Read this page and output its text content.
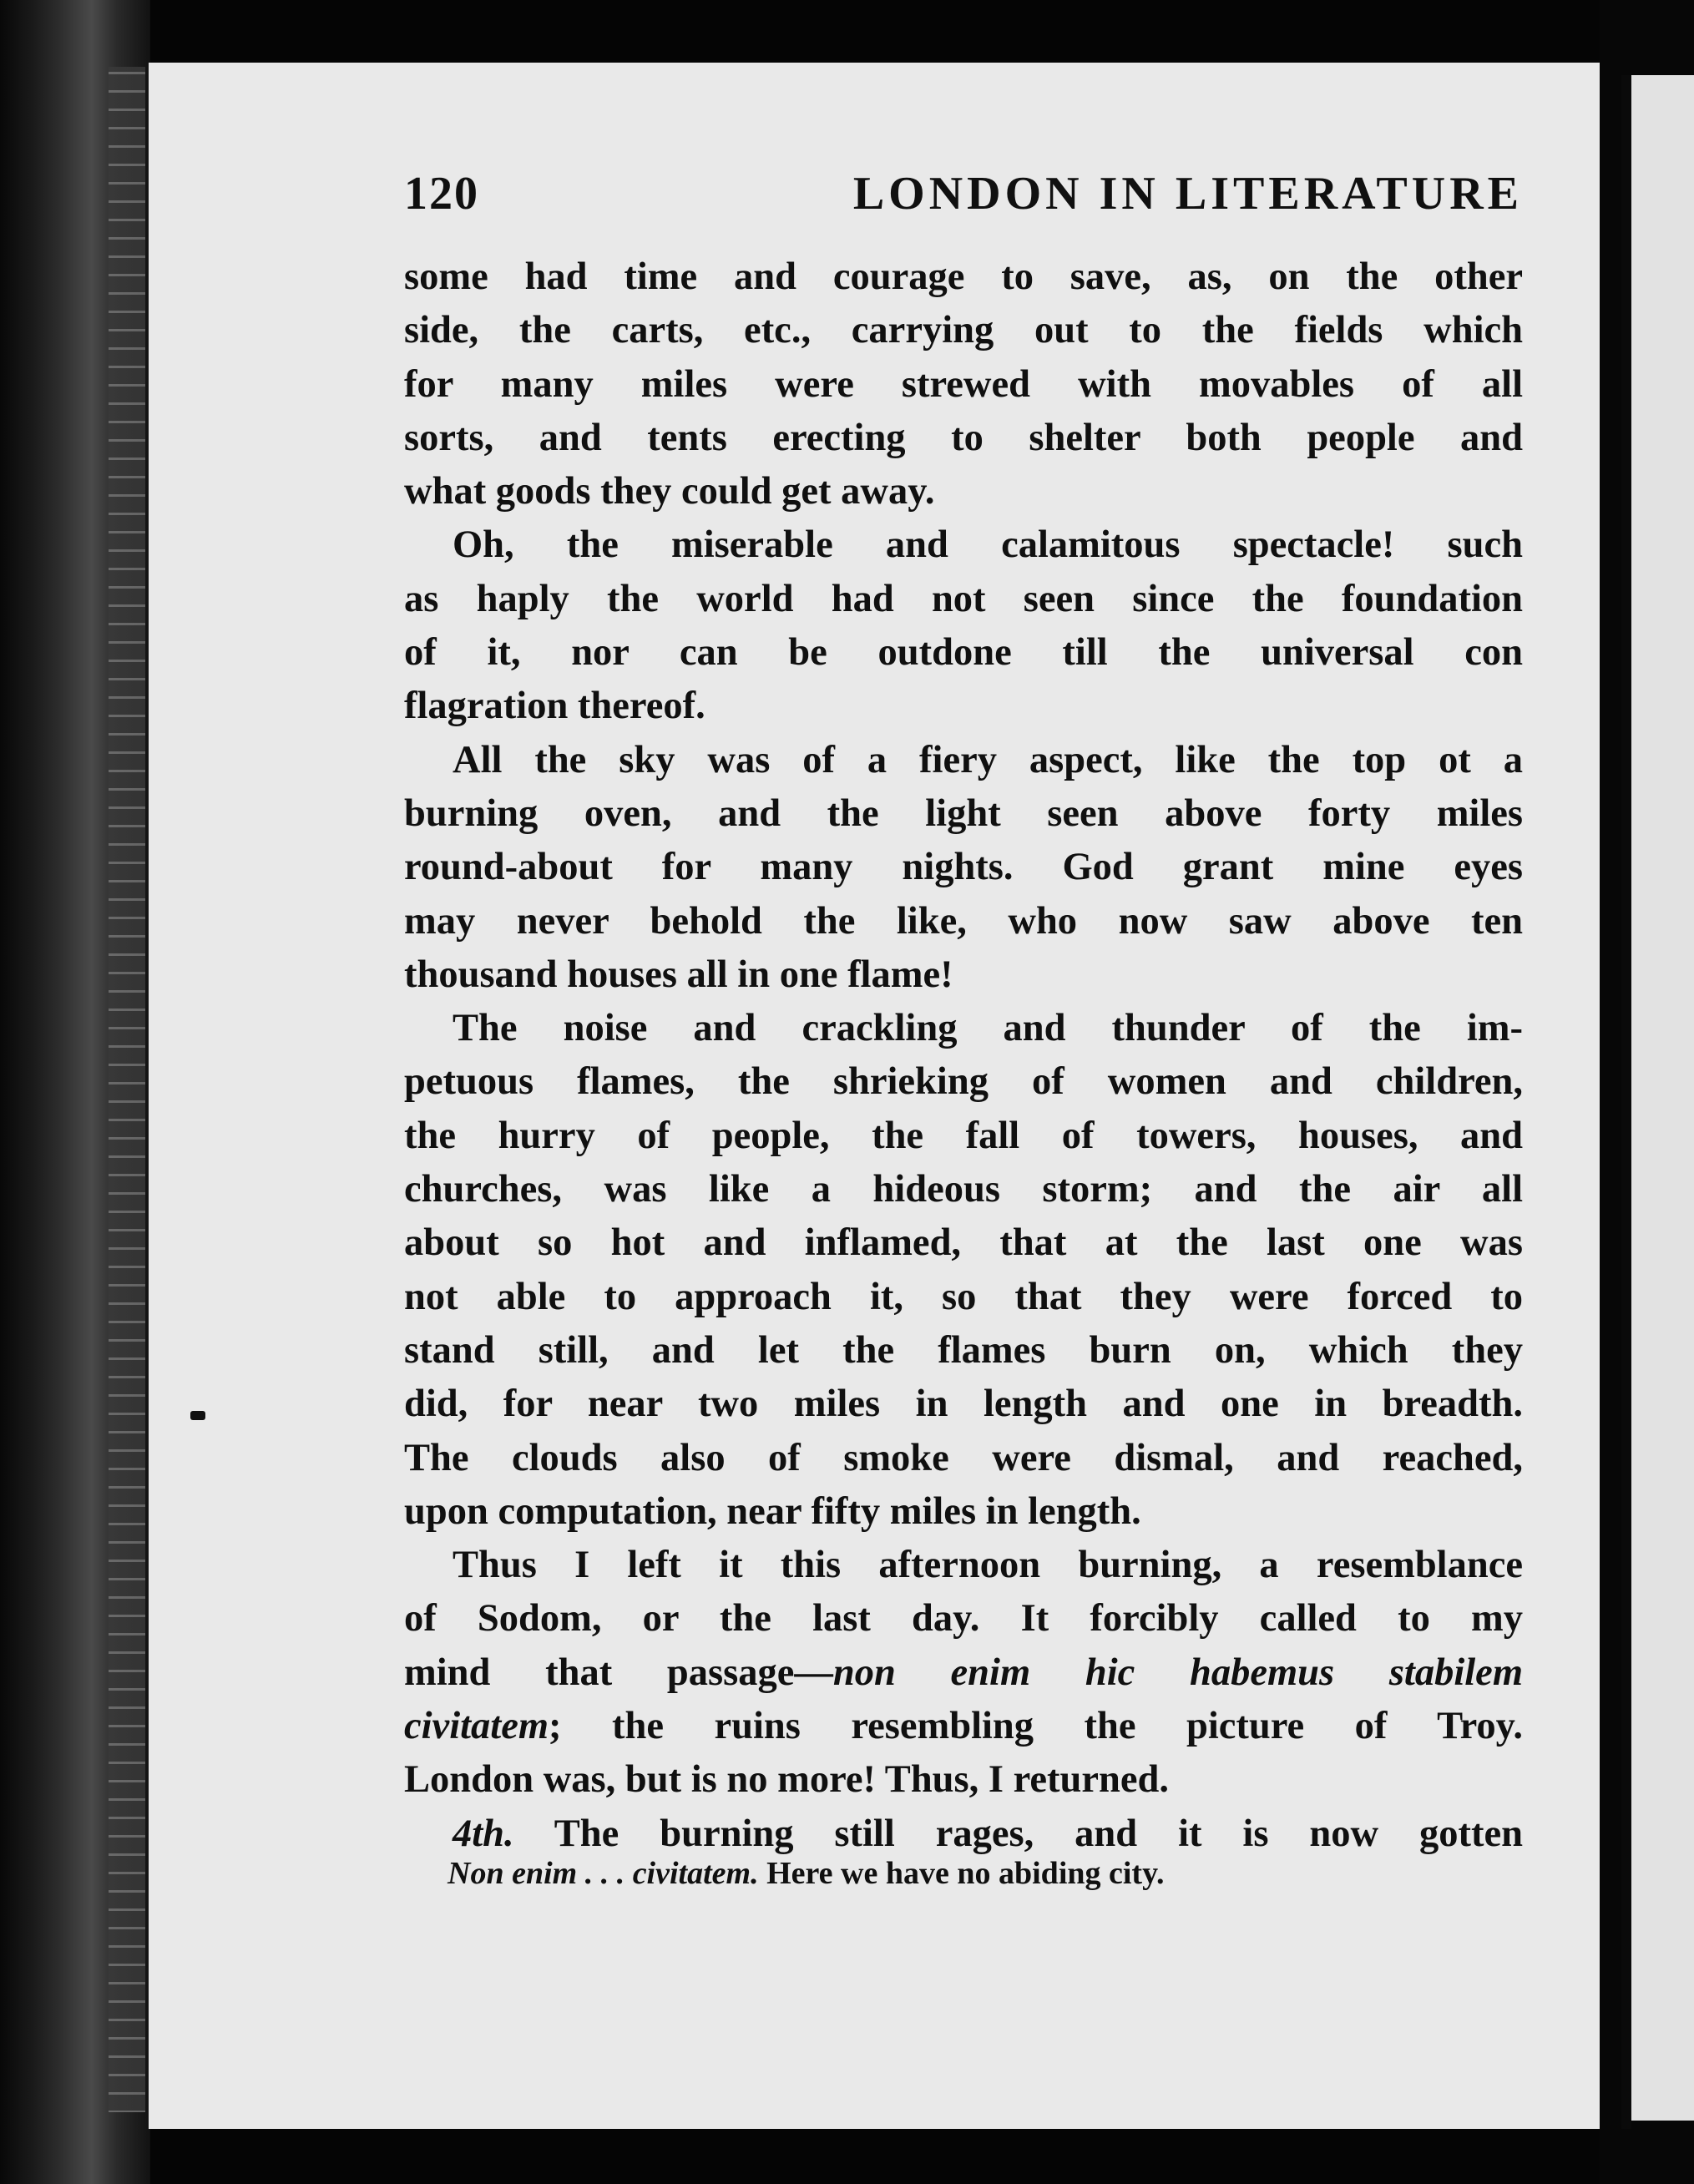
120	LONDON IN LITERATURE
some had time and courage to save, as, on the other
side, the carts, etc., carrying out to the fields which
for many miles were strewed with movables of all
sorts, and tents erecting to shelter both people and
what goods they could get away.
Oh, the miserable and calamitous spectacle! such
as haply the world had not seen since the foundation
of it, nor can be outdone till the universal con
flagration thereof.
All the sky was of a fiery aspect, like the top ot a
burning oven, and the light seen above forty miles
round-about for many nights. God grant mine eyes
may never behold the like, who now saw above ten
thousand houses all in one flame!
The noise and crackling and thunder of the im-
petuous flames, the shrieking of women and children,
the hurry of people, the fall of towers, houses, and
churches, was like a hideous storm; and the air all
about so hot and inflamed, that at the last one was
not able to approach it, so that they were forced to
stand still, and let the flames burn on, which they
did, for near two miles in length and one in breadth.
The clouds also of smoke were dismal, and reached,
upon computation, near fifty miles in length.
Thus I left it this afternoon burning, a resemblance
of Sodom, or the last day. It forcibly called to my
mind that passage—non enim hic habemus stabilem
civitatem; the ruins resembling the picture of Troy.
London was, but is no more! Thus, I returned.
4th. The burning still rages, and it is now gotten
Non enim . . . civitatem. Here we have no abiding city.
